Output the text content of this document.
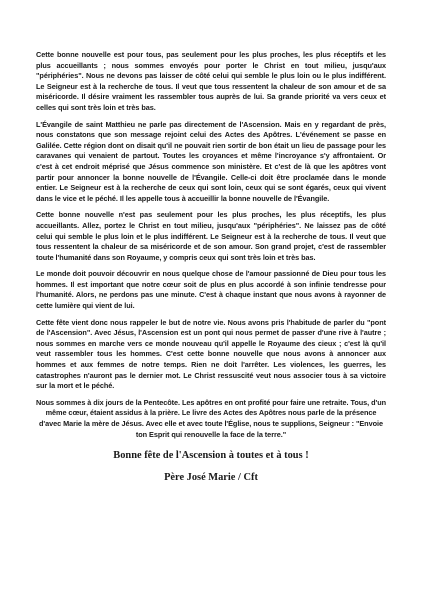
Cette bonne nouvelle est pour tous, pas seulement pour les plus proches, les plus réceptifs et les plus accueillants ; nous sommes envoyés pour porter le Christ en tout milieu, jusqu'aux "périphéries". Nous ne devons pas laisser de côté celui qui semble le plus loin ou le plus indifférent. Le Seigneur est à la recherche de tous. Il veut que tous ressentent la chaleur de son amour et de sa miséricorde. Il désire vraiment les rassembler tous auprès de lui. Sa grande priorité va vers ceux et celles qui sont très loin et très bas.

L'Évangile de saint Matthieu ne parle pas directement de l'Ascension. Mais en y regardant de près, nous constatons que son message rejoint celui des Actes des Apôtres. L'événement se passe en Galilée. Cette région dont on disait qu'il ne pouvait rien sortir de bon était un lieu de passage pour les caravanes qui venaient de partout. Toutes les croyances et même l'incroyance s'y affrontaient. Or c'est à cet endroit méprisé que Jésus commence son ministère. Et c'est de là que les apôtres vont partir pour annoncer la bonne nouvelle de l'Évangile. Celle-ci doit être proclamée dans le monde entier. Le Seigneur est à la recherche de ceux qui sont loin, ceux qui se sont égarés, ceux qui vivent dans le vice et le péché. Il les appelle tous à accueillir la bonne nouvelle de l'Évangile.

Cette bonne nouvelle n'est pas seulement pour les plus proches, les plus réceptifs, les plus accueillants. Allez, portez le Christ en tout milieu, jusqu'aux "périphéries". Ne laissez pas de côté celui qui semble le plus loin et le plus indifférent. Le Seigneur est à la recherche de tous. Il veut que tous ressentent la chaleur de sa miséricorde et de son amour. Son grand projet, c'est de rassembler toute l'humanité dans son Royaume, y compris ceux qui sont très loin et très bas.

Le monde doit pouvoir découvrir en nous quelque chose de l'amour passionné de Dieu pour tous les hommes. Il est important que notre cœur soit de plus en plus accordé à son infinie tendresse pour l'humanité. Alors, ne perdons pas une minute. C'est à chaque instant que nous avons à rayonner de cette lumière qui vient de lui.

Cette fête vient donc nous rappeler le but de notre vie. Nous avons pris l'habitude de parler du "pont de l'Ascension". Avec Jésus, l'Ascension est un pont qui nous permet de passer d'une rive à l'autre ; nous sommes en marche vers ce monde nouveau qu'il appelle le Royaume des cieux ; c'est là qu'il veut rassembler tous les hommes. C'est cette bonne nouvelle que nous avons à annoncer aux hommes et aux femmes de notre temps. Rien ne doit l'arrêter. Les violences, les guerres, les catastrophes n'auront pas le dernier mot. Le Christ ressuscité veut nous associer tous à sa victoire sur la mort et le péché.

Nous sommes à dix jours de la Pentecôte. Les apôtres en ont profité pour faire une retraite. Tous, d'un même cœur, étaient assidus à la prière. Le livre des Actes des Apôtres nous parle de la présence d'avec Marie la mère de Jésus. Avec elle et avec toute l'Église, nous te supplions, Seigneur : "Envoie ton Esprit qui renouvelle la face de la terre."

Bonne fête de l'Ascension à toutes et à tous !

Père José Marie / Cft
